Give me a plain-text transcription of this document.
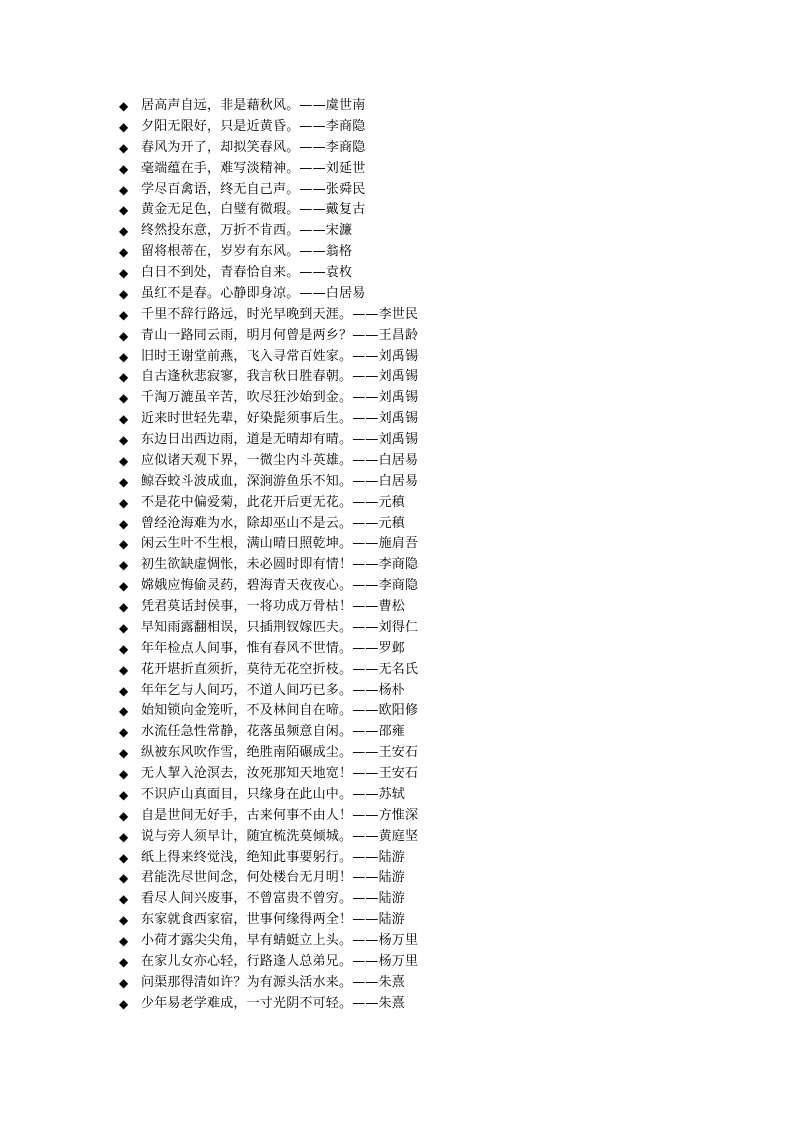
◆ 居高声自远，非是藉秋风。——虞世南
◆ 夕阳无限好，只是近黄昏。——李商隐
◆ 春风为开了，却拟笑春风。——李商隐
◆ 毫端蕴在手，难写淡精神。——刘延世
◆ 学尽百禽语，终无自己声。——张舜民
◆ 黄金无足色，白璧有微瑕。——戴复古
◆ 终然投东意，万折不肯西。——宋濂
◆ 留将根蒂在，岁岁有东风。——翁格
◆ 白日不到处，青春恰自来。——袁枚
◆ 虽红不是春。心静即身凉。——白居易
◆ 千里不辞行路远，时光早晚到天涯。——李世民
◆ 青山一路同云雨，明月何曾是两乡？——王昌龄
◆ 旧时王谢堂前燕，飞入寻常百姓家。——刘禹锡
◆ 自古逢秋悲寂寥，我言秋日胜春朝。——刘禹锡
◆ 千淘万漉虽辛苦，吹尽狂沙始到金。——刘禹锡
◆ 近来时世轻先辈，好染髭须事后生。——刘禹锡
◆ 东边日出西边雨，道是无晴却有晴。——刘禹锡
◆ 应似诸天观下界，一微尘内斗英雄。——白居易
◆ 鲸吞蛟斗波成血，深涧游鱼乐不知。——白居易
◆ 不是花中偏爱菊，此花开后更无花。——元稹
◆ 曾经沧海难为水，除却巫山不是云。——元稹
◆ 闲云生叶不生根，满山晴日照乾坤。——施肩吾
◆ 初生欲缺虚惆怅，未必圆时即有情！——李商隐
◆ 嫦娥应悔偷灵药，碧海青天夜夜心。——李商隐
◆ 凭君莫话封侯事，一将功成万骨枯！——曹松
◆ 早知雨露翻相误，只插荆钗嫁匹夫。——刘得仁
◆ 年年检点人间事，惟有春风不世情。——罗邺
◆ 花开堪折直须折，莫待无花空折枝。——无名氏
◆ 年年乞与人间巧，不道人间巧已多。——杨朴
◆ 始知锁向金笼听，不及林间自在啼。——欧阳修
◆ 水流任急性常静，花落虽频意自闲。——邵雍
◆ 纵被东风吹作雪，绝胜南陌碾成尘。——王安石
◆ 无人挈入沧溟去，汝死那知天地宽！——王安石
◆ 不识庐山真面目，只缘身在此山中。——苏轼
◆ 自是世间无好手，古来何事不由人！——方惟深
◆ 说与旁人须早计，随宜梳洗莫倾城。——黄庭坚
◆ 纸上得来终觉浅，绝知此事要躬行。——陆游
◆ 君能洗尽世间念，何处楼台无月明！——陆游
◆ 看尽人间兴废事，不曾富贵不曾穷。——陆游
◆ 东家就食西家宿，世事何缘得两全！——陆游
◆ 小荷才露尖尖角，早有蜻蜓立上头。——杨万里
◆ 在家儿女亦心轻，行路逢人总弟兄。——杨万里
◆ 问渠那得清如许？为有源头活水来。——朱熹
◆ 少年易老学难成，一寸光阴不可轻。——朱熹
